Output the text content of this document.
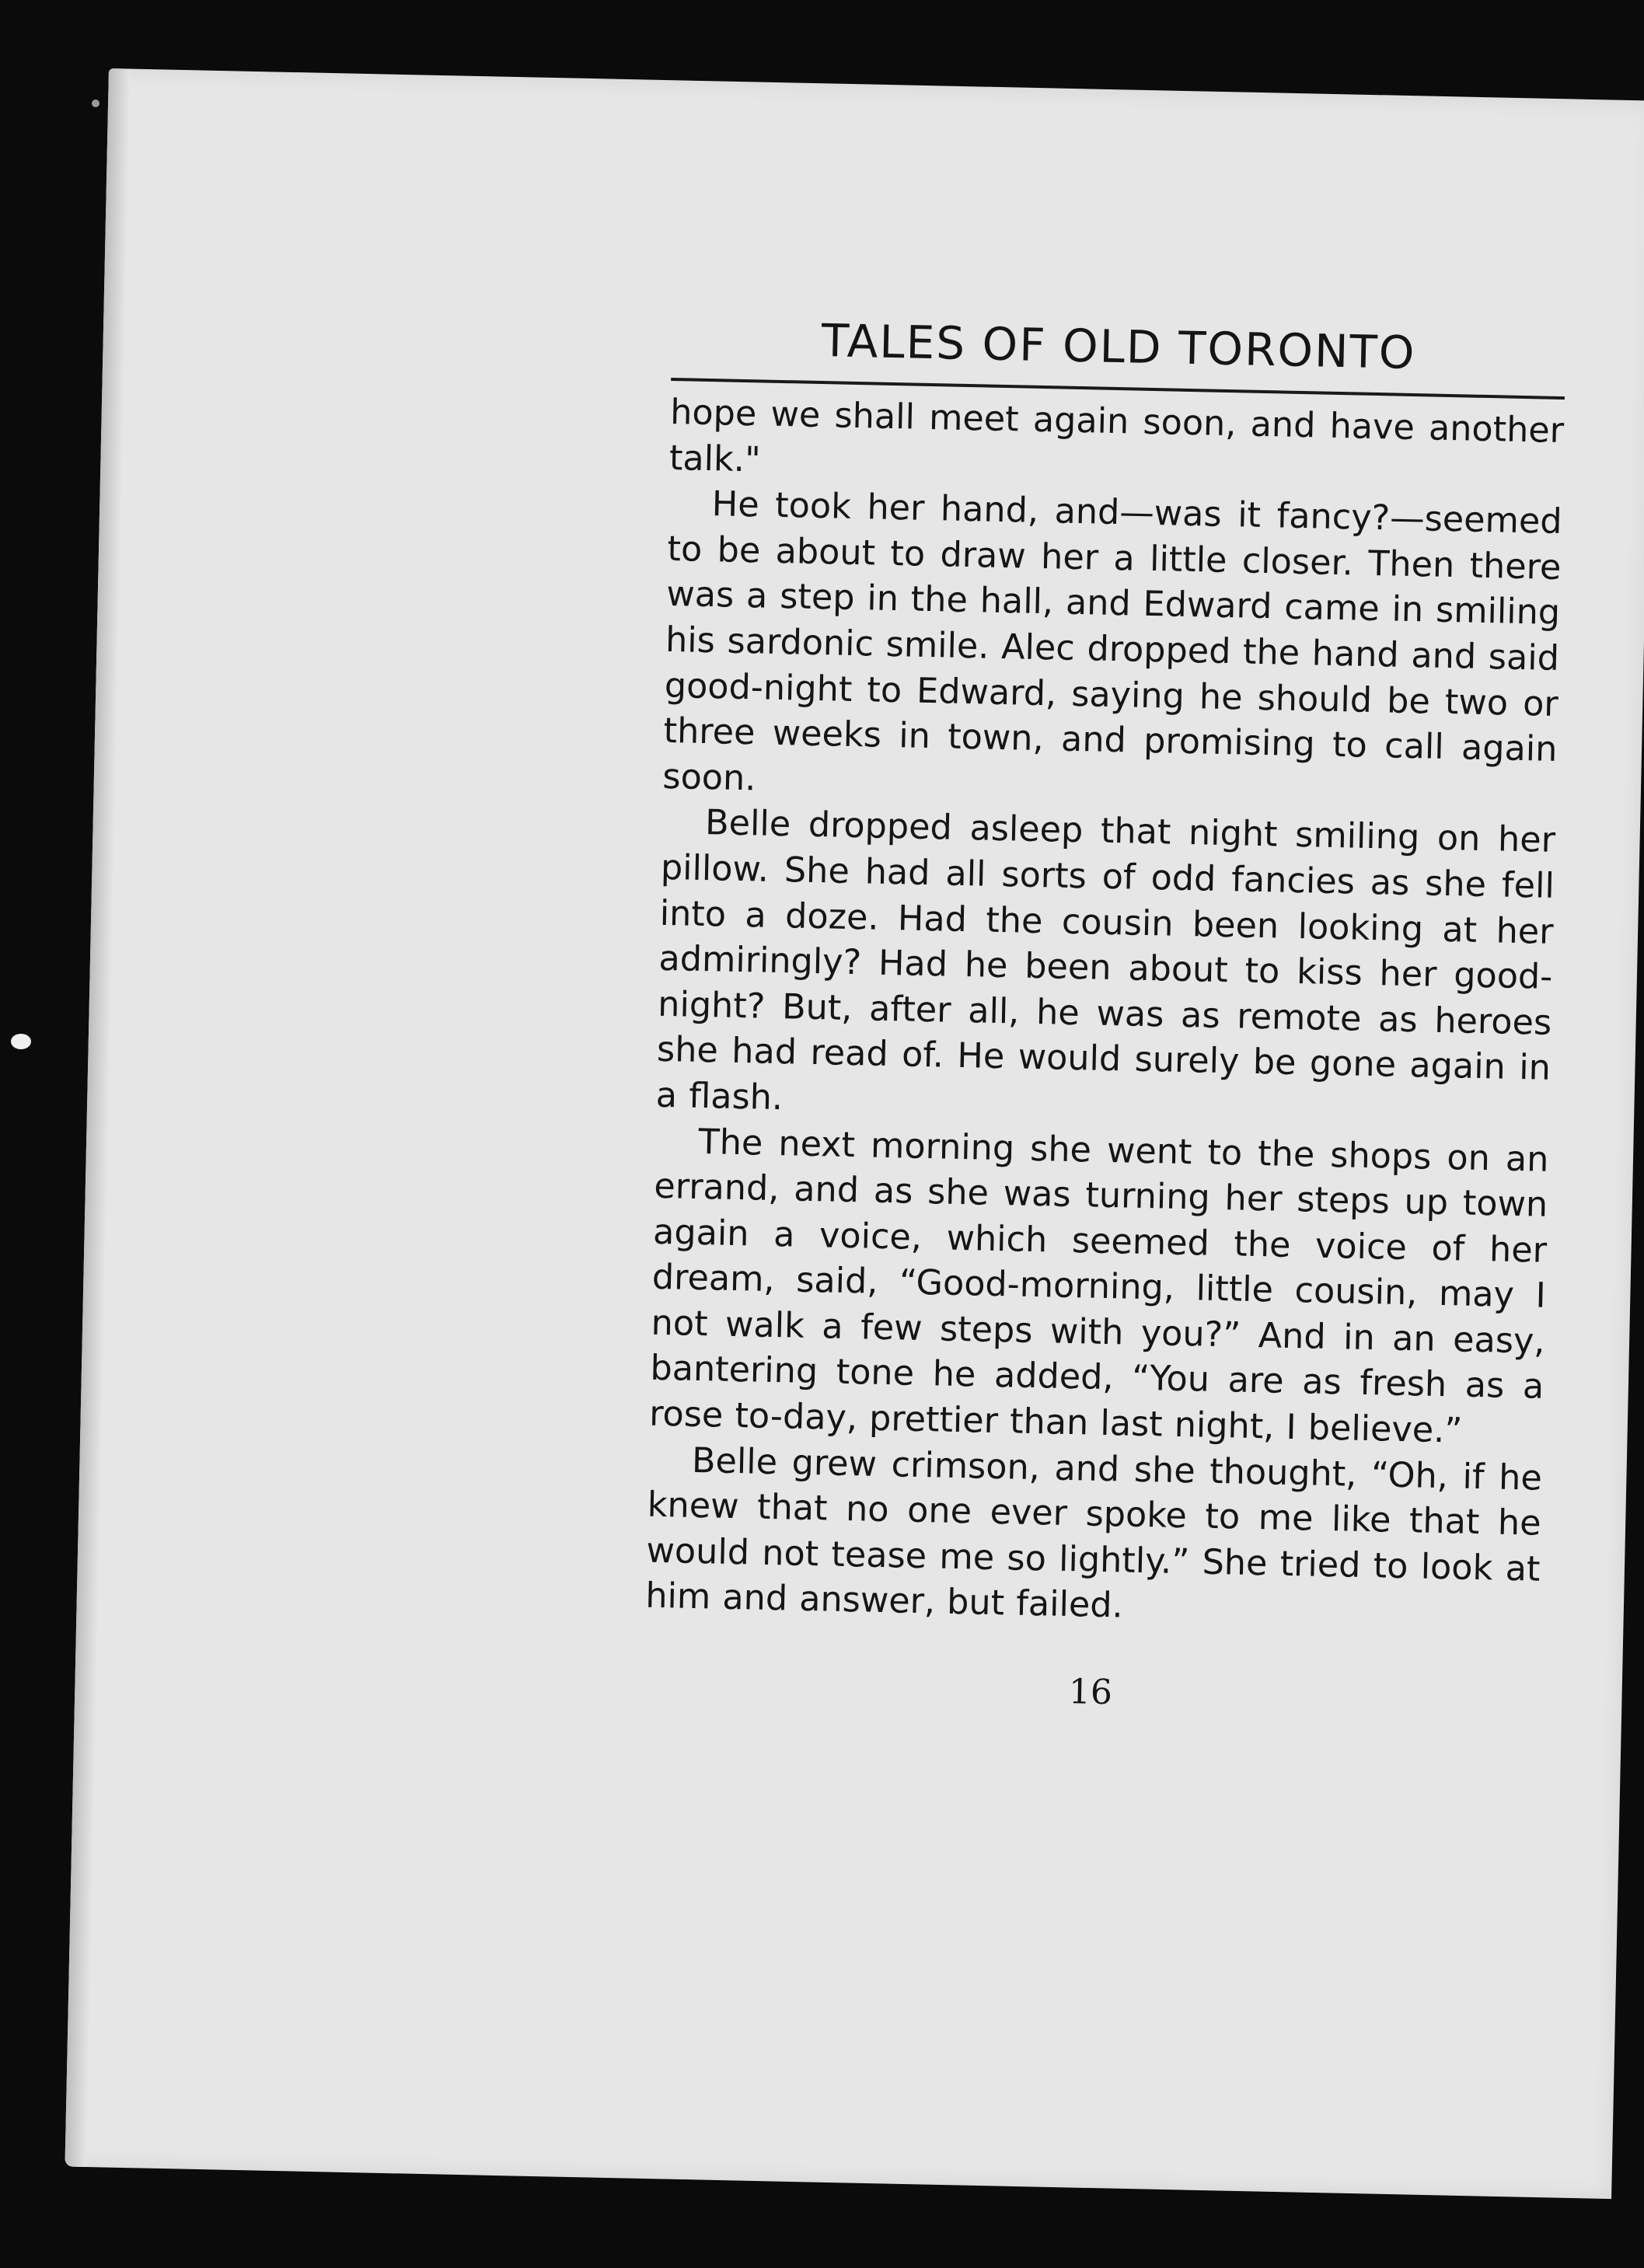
TALES OF OLD TORONTO

hope we shall meet again soon, and have another talk."

He took her hand, and—was it fancy?—seemed to be about to draw her a little closer. Then there was a step in the hall, and Edward came in smiling his sardonic smile. Alec dropped the hand and said good-night to Edward, saying he should be two or three weeks in town, and promising to call again soon.

Belle dropped asleep that night smiling on her pillow. She had all sorts of odd fancies as she fell into a doze. Had the cousin been looking at her admiringly? Had he been about to kiss her good-night? But, after all, he was as remote as heroes she had read of. He would surely be gone again in a flash.

The next morning she went to the shops on an errand, and as she was turning her steps up town again a voice, which seemed the voice of her dream, said, “Good-morning, little cousin, may I not walk a few steps with you?” And in an easy, bantering tone he added, “You are as fresh as a rose to-day, prettier than last night, I believe.”

Belle grew crimson, and she thought, “Oh, if he knew that no one ever spoke to me like that he would not tease me so lightly.” She tried to look at him and answer, but failed.

16
